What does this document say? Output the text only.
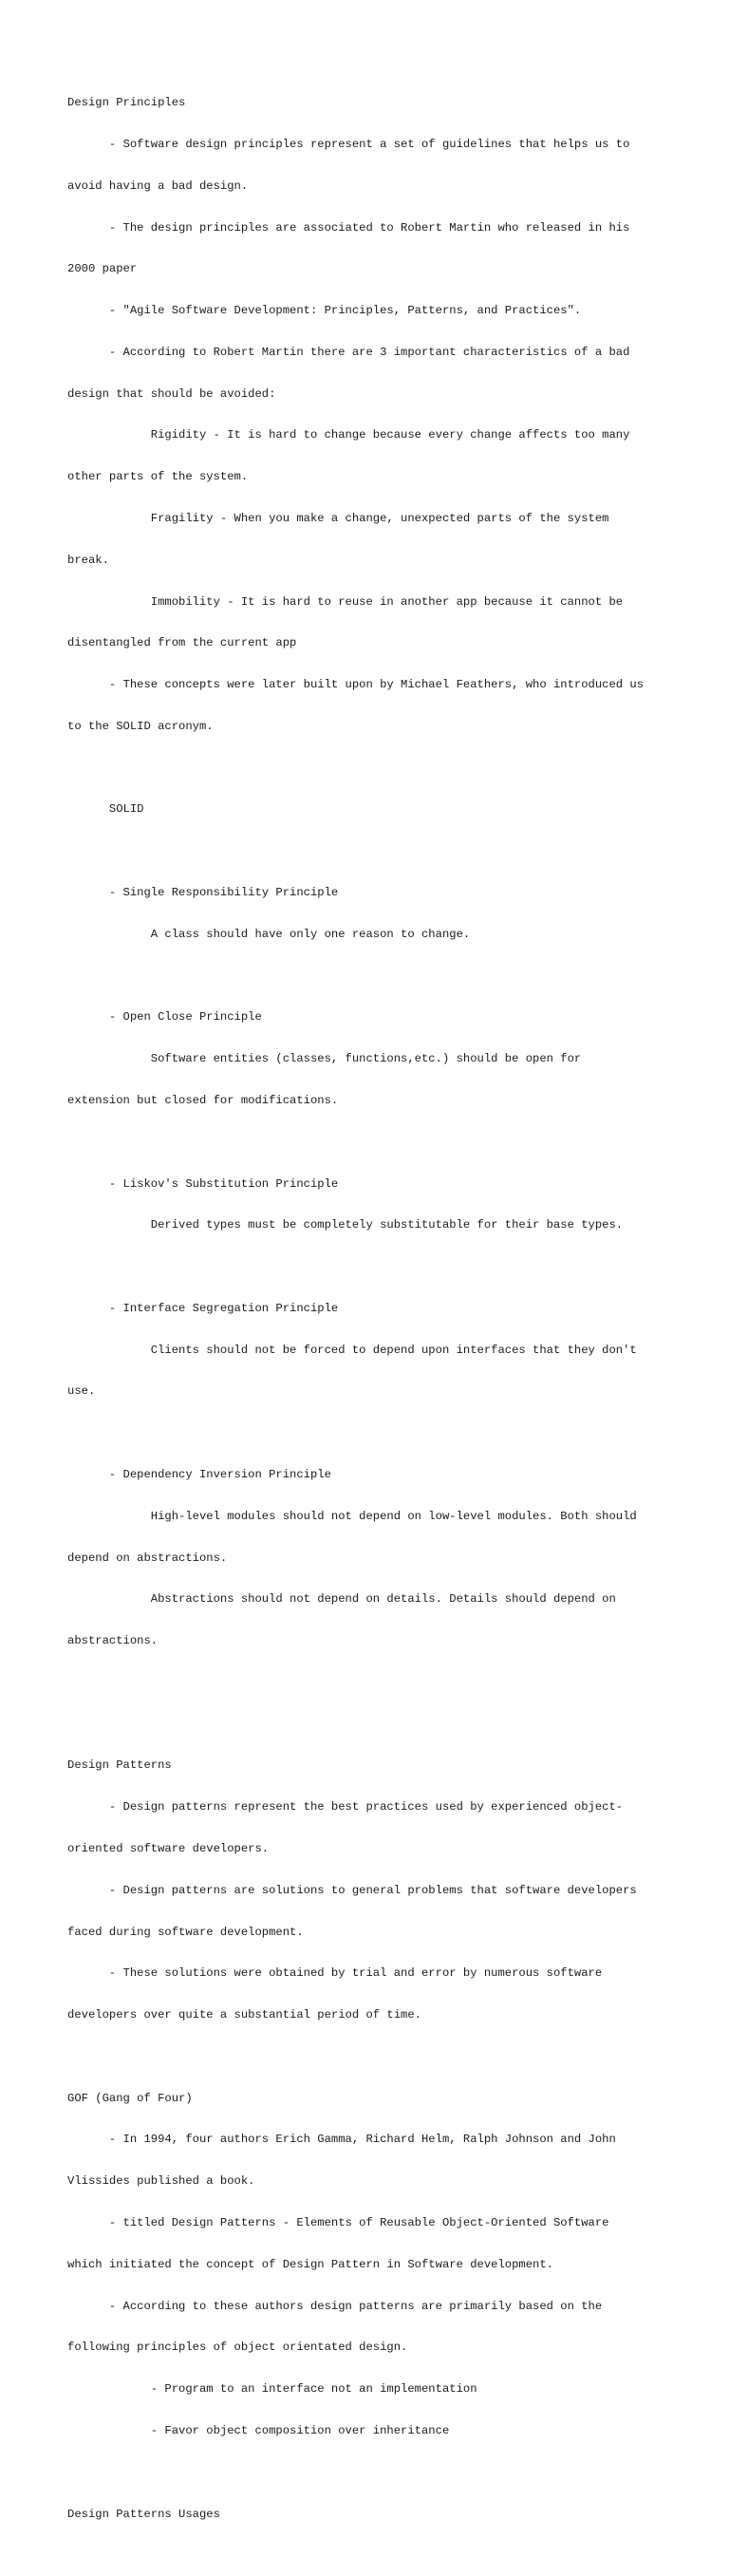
Design Principles

- Software design principles represent a set of guidelines that helps us to

avoid having a bad design.

- The design principles are associated to Robert Martin who released in his

2000 paper

- "Agile Software Development: Principles, Patterns, and Practices".

- According to Robert Martin there are 3 important characteristics of a bad

design that should be avoided:

Rigidity - It is hard to change because every change affects too many

other parts of the system.

Fragility - When you make a change, unexpected parts of the system

break.

Immobility - It is hard to reuse in another app because it cannot be

disentangled from the current app

- These concepts were later built upon by Michael Feathers, who introduced us

to the SOLID acronym.

SOLID

- Single Responsibility Principle

A class should have only one reason to change.

- Open Close Principle

Software entities (classes, functions,etc.) should be open for

extension but closed for modifications.

- Liskov's Substitution Principle

Derived types must be completely substitutable for their base types.

- Interface Segregation Principle

Clients should not be forced to depend upon interfaces that they don't

use.

- Dependency Inversion Principle

High-level modules should not depend on low-level modules. Both should

depend on abstractions.

Abstractions should not depend on details. Details should depend on

abstractions.

Design Patterns

- Design patterns represent the best practices used by experienced object-

oriented software developers.

- Design patterns are solutions to general problems that software developers

faced during software development.

- These solutions were obtained by trial and error by numerous software

developers over quite a substantial period of time.

GOF (Gang of Four)

- In 1994, four authors Erich Gamma, Richard Helm, Ralph Johnson and John

Vlissides published a book.

- titled Design Patterns - Elements of Reusable Object-Oriented Software

which initiated the concept of Design Pattern in Software development.

- According to these authors design patterns are primarily based on the

following principles of object orientated design.

- Program to an interface not an implementation

- Favor object composition over inheritance

Design Patterns Usages
